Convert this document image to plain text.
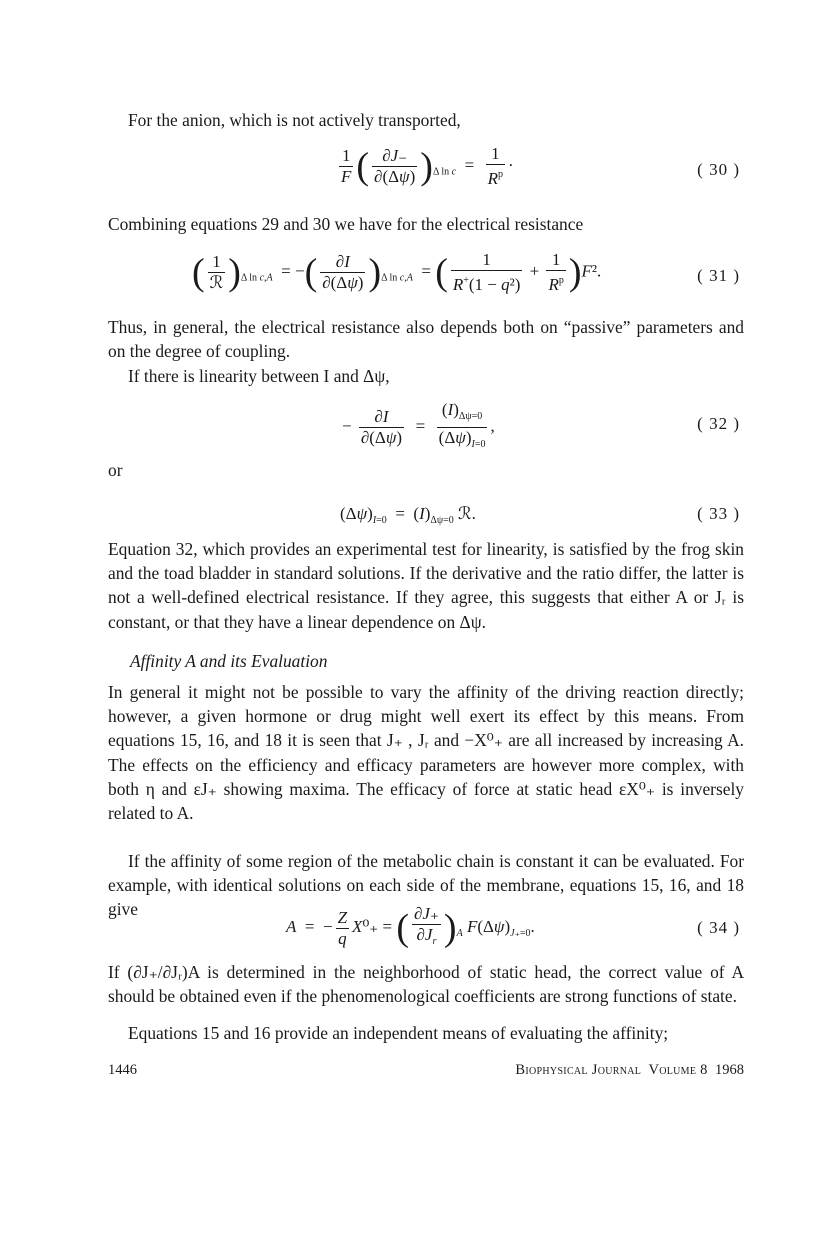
For the anion, which is not actively transported,

$\frac{1}{F}$ ( $\frac{\partial J_-}{\partial(\Delta\psi)} )_{\Delta ln c} = \frac{1}{R^p}$ ·	( 30 )

Combining equations 29 and 30 we have for the electrical resistance

( $\frac{1}{\text{ℛ}} )_{\Delta ln c,A}$  = −( $\frac{\partial I}{\partial(\Delta\psi)} )_{\Delta ln c,A}$  = ( $\frac{1}{R^+(1 - q^2)} + \frac{1}{R^p} )F^2$.	( 31 )

Thus, in general, the electrical resistance also depends both on “passive” parameters and on the degree of coupling.

If there is linearity between I and Δψ,

− $\frac{\partial I}{\partial(\Delta\psi)} = \frac{(I)_{\Delta\psi=0}}{(\Delta\psi)_{I=0}}$ ,	( 32 )

or

$(\Delta\psi)_{I=0} = (I)_{\Delta\psi=0}$ ℛ.	( 33 )

Equation 32, which provides an experimental test for linearity, is satisfied by the frog skin and the toad bladder in standard solutions. If the derivative and the ratio differ, the latter is not a well-defined electrical resistance. If they agree, this suggests that either A or Jᵣ is constant, or that they have a linear dependence on Δψ.

Affinity A and its Evaluation

In general it might not be possible to vary the affinity of the driving reaction directly; however, a given hormone or drug might well exert its effect by this means. From equations 15, 16, and 18 it is seen that J₊ , Jᵣ and −X⁰₊ are all increased by increasing A. The effects on the efficiency and efficacy parameters are however more complex, with both η and εJ₊ showing maxima. The efficacy of force at static head εX⁰₊ is inversely related to A.

If the affinity of some region of the metabolic chain is constant it can be evaluated. For example, with identical solutions on each side of the membrane, equations 15, 16, and 18 give

A  =  − $\frac{Z}{q} X^0_+$ = ( $\frac{\partial J_+}{\partial J_r} )_A$ $F(\Delta\psi)_{J_+=0}$.	( 34 )

If (∂J₊/∂Jᵣ)A is determined in the neighborhood of static head, the correct value of A should be obtained even if the phenomenological coefficients are strong functions of state.

Equations 15 and 16 provide an independent means of evaluating the affinity;

1446	Biophysical Journal Volume 8 1968
